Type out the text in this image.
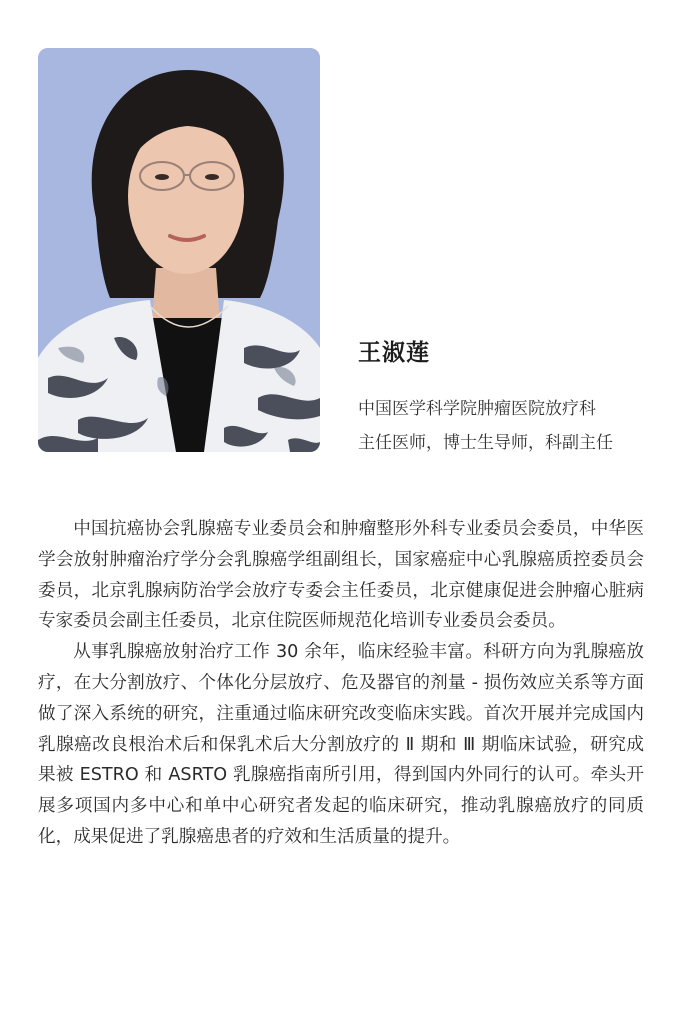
王淑莲
中国医学科学院肿瘤医院放疗科
主任医师，博士生导师，科副主任

中国抗癌协会乳腺癌专业委员会和肿瘤整形外科专业委员会委员，中华医学会放射肿瘤治疗学分会乳腺癌学组副组长，国家癌症中心乳腺癌质控委员会委员，北京乳腺病防治学会放疗专委会主任委员，北京健康促进会肿瘤心脏病专家委员会副主任委员，北京住院医师规范化培训专业委员会委员。

从事乳腺癌放射治疗工作 30 余年，临床经验丰富。科研方向为乳腺癌放疗，在大分割放疗、个体化分层放疗、危及器官的剂量 - 损伤效应关系等方面做了深入系统的研究，注重通过临床研究改变临床实践。首次开展并完成国内乳腺癌改良根治术后和保乳术后大分割放疗的 Ⅱ 期和 Ⅲ 期临床试验，研究成果被 ESTRO 和 ASRTO 乳腺癌指南所引用，得到国内外同行的认可。牵头开展多项国内多中心和单中心研究者发起的临床研究，推动乳腺癌放疗的同质化，成果促进了乳腺癌患者的疗效和生活质量的提升。
